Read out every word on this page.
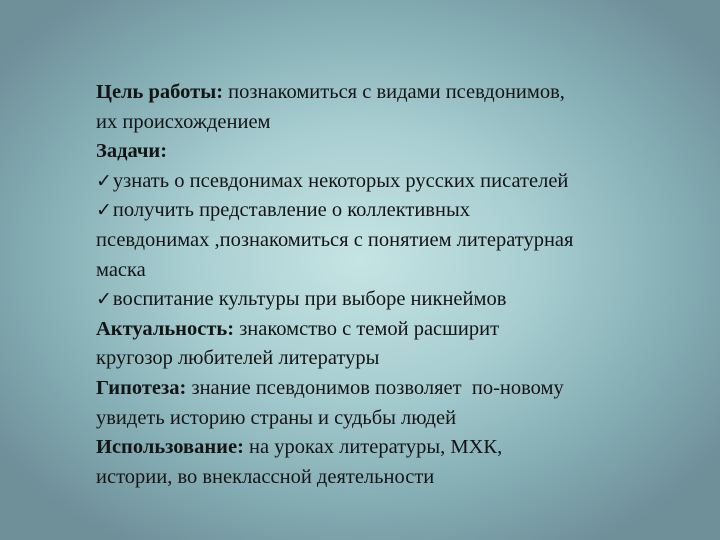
Цель работы: познакомиться с видами псевдонимов,
их происхождением
Задачи:
✓узнать о псевдонимах некоторых русских писателей
✓получить представление о коллективных
псевдонимах ,познакомиться с понятием литературная
маска
✓воспитание культуры при выборе никнеймов
Актуальность: знакомство с темой расширит
кругозор любителей литературы
Гипотеза: знание псевдонимов позволяет  по-новому
увидеть историю страны и судьбы людей
Использование: на уроках литературы, МХК,
истории, во внеклассной деятельности
